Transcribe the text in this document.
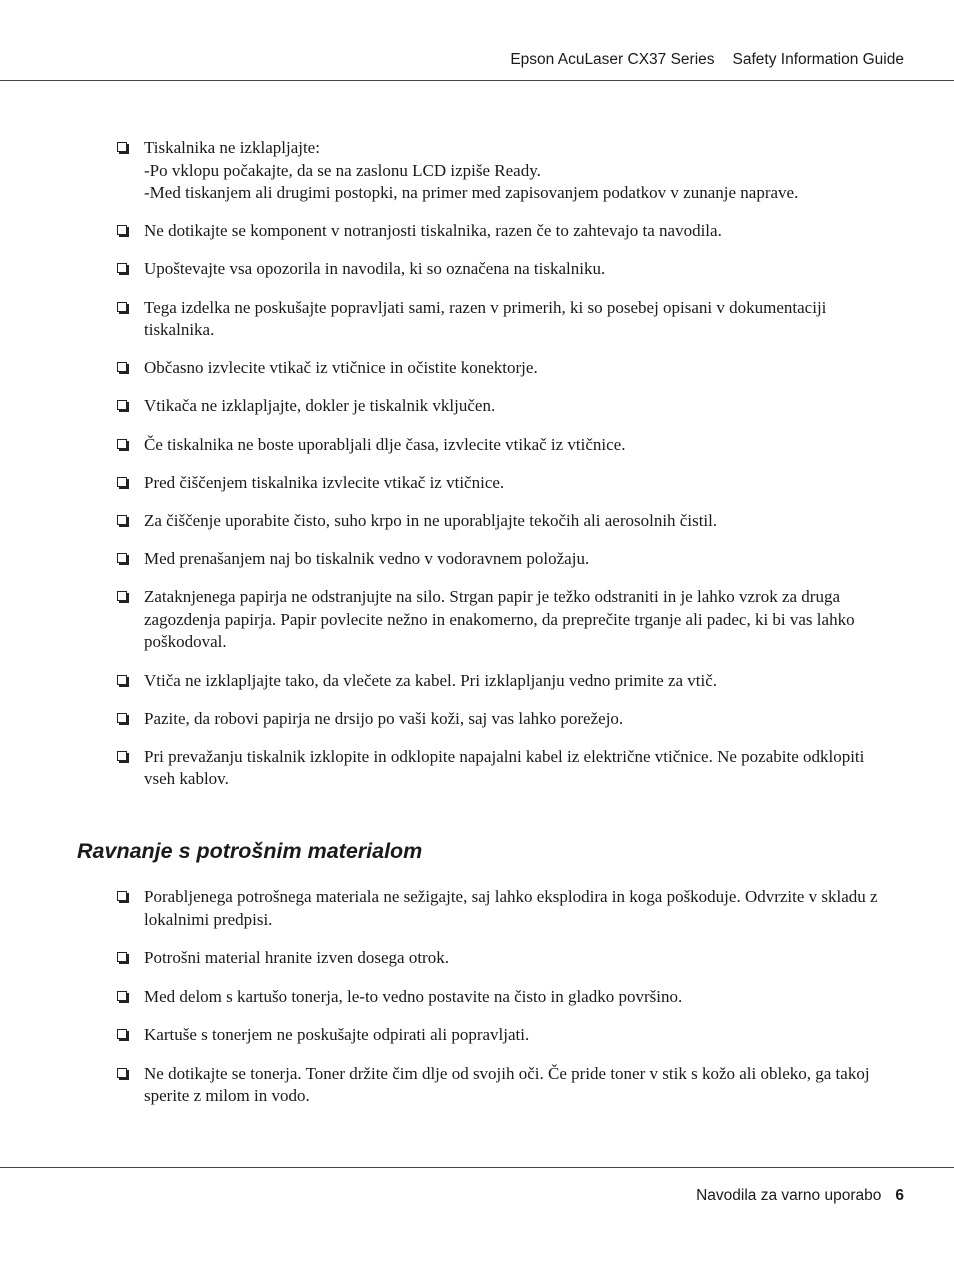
Epson AcuLaser CX37 Series Safety Information Guide
Tiskalnika ne izklapljajte:
-Po vklopu počakajte, da se na zaslonu LCD izpiše Ready.
-Med tiskanjem ali drugimi postopki, na primer med zapisovanjem podatkov v zunanje naprave.
Ne dotikajte se komponent v notranjosti tiskalnika, razen če to zahtevajo ta navodila.
Upoštevajte vsa opozorila in navodila, ki so označena na tiskalniku.
Tega izdelka ne poskušajte popravljati sami, razen v primerih, ki so posebej opisani v dokumentaciji tiskalnika.
Občasno izvlecite vtikač iz vtičnice in očistite konektorje.
Vtikača ne izklapljajte, dokler je tiskalnik vključen.
Če tiskalnika ne boste uporabljali dlje časa, izvlecite vtikač iz vtičnice.
Pred čiščenjem tiskalnika izvlecite vtikač iz vtičnice.
Za čiščenje uporabite čisto, suho krpo in ne uporabljajte tekočih ali aerosolnih čistil.
Med prenašanjem naj bo tiskalnik vedno v vodoravnem položaju.
Zataknjenega papirja ne odstranjujte na silo. Strgan papir je težko odstraniti in je lahko vzrok za druga zagozdenja papirja. Papir povlecite nežno in enakomerno, da preprečite trganje ali padec, ki bi vas lahko poškodoval.
Vtiča ne izklapljajte tako, da vlečete za kabel. Pri izklapljanju vedno primite za vtič.
Pazite, da robovi papirja ne drsijo po vaši koži, saj vas lahko porežejo.
Pri prevažanju tiskalnik izklopite in odklopite napajalni kabel iz električne vtičnice. Ne pozabite odklopiti vseh kablov.
Ravnanje s potrošnim materialom
Porabljenega potrošnega materiala ne sežigajte, saj lahko eksplodira in koga poškoduje. Odvrzite v skladu z lokalnimi predpisi.
Potrošni material hranite izven dosega otrok.
Med delom s kartušo tonerja, le-to vedno postavite na čisto in gladko površino.
Kartuše s tonerjem ne poskušajte odpirati ali popravljati.
Ne dotikajte se tonerja. Toner držite čim dlje od svojih oči. Če pride toner v stik s kožo ali obleko, ga takoj sperite z milom in vodo.
Navodila za varno uporabo 6
